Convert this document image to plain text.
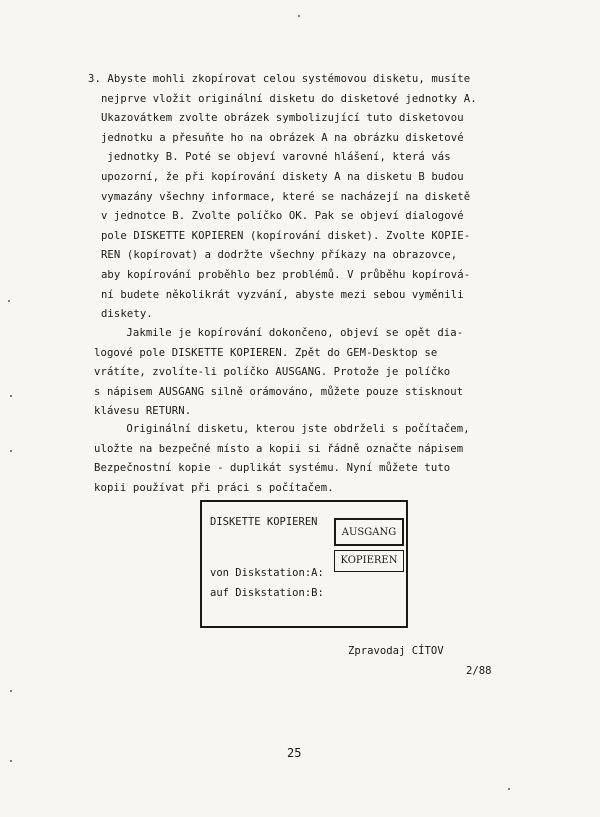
3. Abyste mohli zkopírovat celou systémovou disketu, musíte
nejprve vložit originální disketu do disketové jednotky A.
Ukazovátkem zvolte obrázek symbolizující tuto disketovou
jednotku a přesuňte ho na obrázek A na obrázku disketové
jednotky B. Poté se objeví varovné hlášení, která vás
upozorní, že při kopírování diskety A na disketu B budou
vymazány všechny informace, které se nacházejí na disketě
v jednotce B. Zvolte políčko OK. Pak se objeví dialogové
pole DISKETTE KOPIEREN (kopírování disket). Zvolte KOPIE-
REN (kopírovat) a dodržte všechny příkazy na obrazovce,
aby kopírování proběhlo bez problémů. V průběhu kopírová-
ní budete několikrát vyzvání, abyste mezi sebou vyměnili
diskety.
Jakmile je kopírování dokončeno, objeví se opět dia-
logové pole DISKETTE KOPIEREN. Zpět do GEM-Desktop se
vrátíte, zvolíte-li políčko AUSGANG. Protože je políčko
s nápisem AUSGANG silně orámováno, můžete pouze stisknout
klávesu RETURN.
Originální disketu, kterou jste obdrželi s počítačem,
uložte na bezpečné místo a kopii si řádně označte nápisem
Bezpečnostní kopie - duplikát systému. Nyní můžete tuto
kopii používat při práci s počítačem.
DISKETTE KOPIEREN
AUSGANG
KOPIEREN
von Diskstation:A:
auf Diskstation:B:
Zpravodaj CÍTOV
2/88
25
